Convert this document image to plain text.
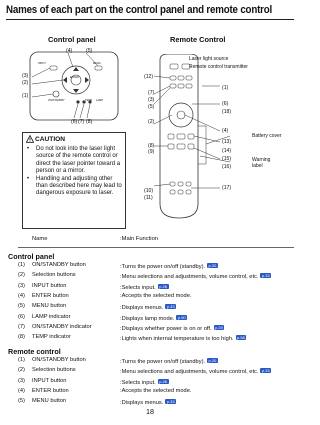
Names of each part on the control panel and remote control
Control panel
(4)	(5)
(3)
(2)
(1)
(6) (7) (8)
INPUT
ENTER
MENU
ON/STANDBY	TEMP LAMP
CAUTION
• Do not look into the laser light source of the remote control or direct the laser pointer toward a person or a mirror.
• Handling and adjusting other than described here may lead to dangerous exposure to laser.
Remote Control
Laser light source
Remote control transmitter
(12)
(7)
(3)
(5)
(2)
(8)
(9)
(10)
(11)
(1)
(6)
(18)
(4)
(13)
(14)
(15)
(16)
(17)
Battery cover
Warning label
Name	:Main Function
Control panel
(1) ON/STANDBY button	:Turns the power on/off (standby). p.20
(2) Selection buttons	:Menu selections and adjustments, volume control, etc. p.33
(3) INPUT button	:Selects input. p.26
(4) ENTER button	:Accepts the selected mode.
(5) MENU button	:Displays menus. p.33
(6) LAMP indicator	:Displays lamp mode. p.50
(7) ON/STANDBY indicator	:Displays whether power is on or off. p.20
(8) TEMP indicator	:Lights when internal temperature is too high. p.58
Remote control
(1) ON/STANDBY button	:Turns the power on/off (standby). p.20
(2) Selection buttons	:Menu selections and adjustments, volume control, etc. p.33
(3) INPUT button	:Selects input. p.26
(4) ENTER button	:Accepts the selected mode.
(5) MENU button	:Displays menus. p.33
18
